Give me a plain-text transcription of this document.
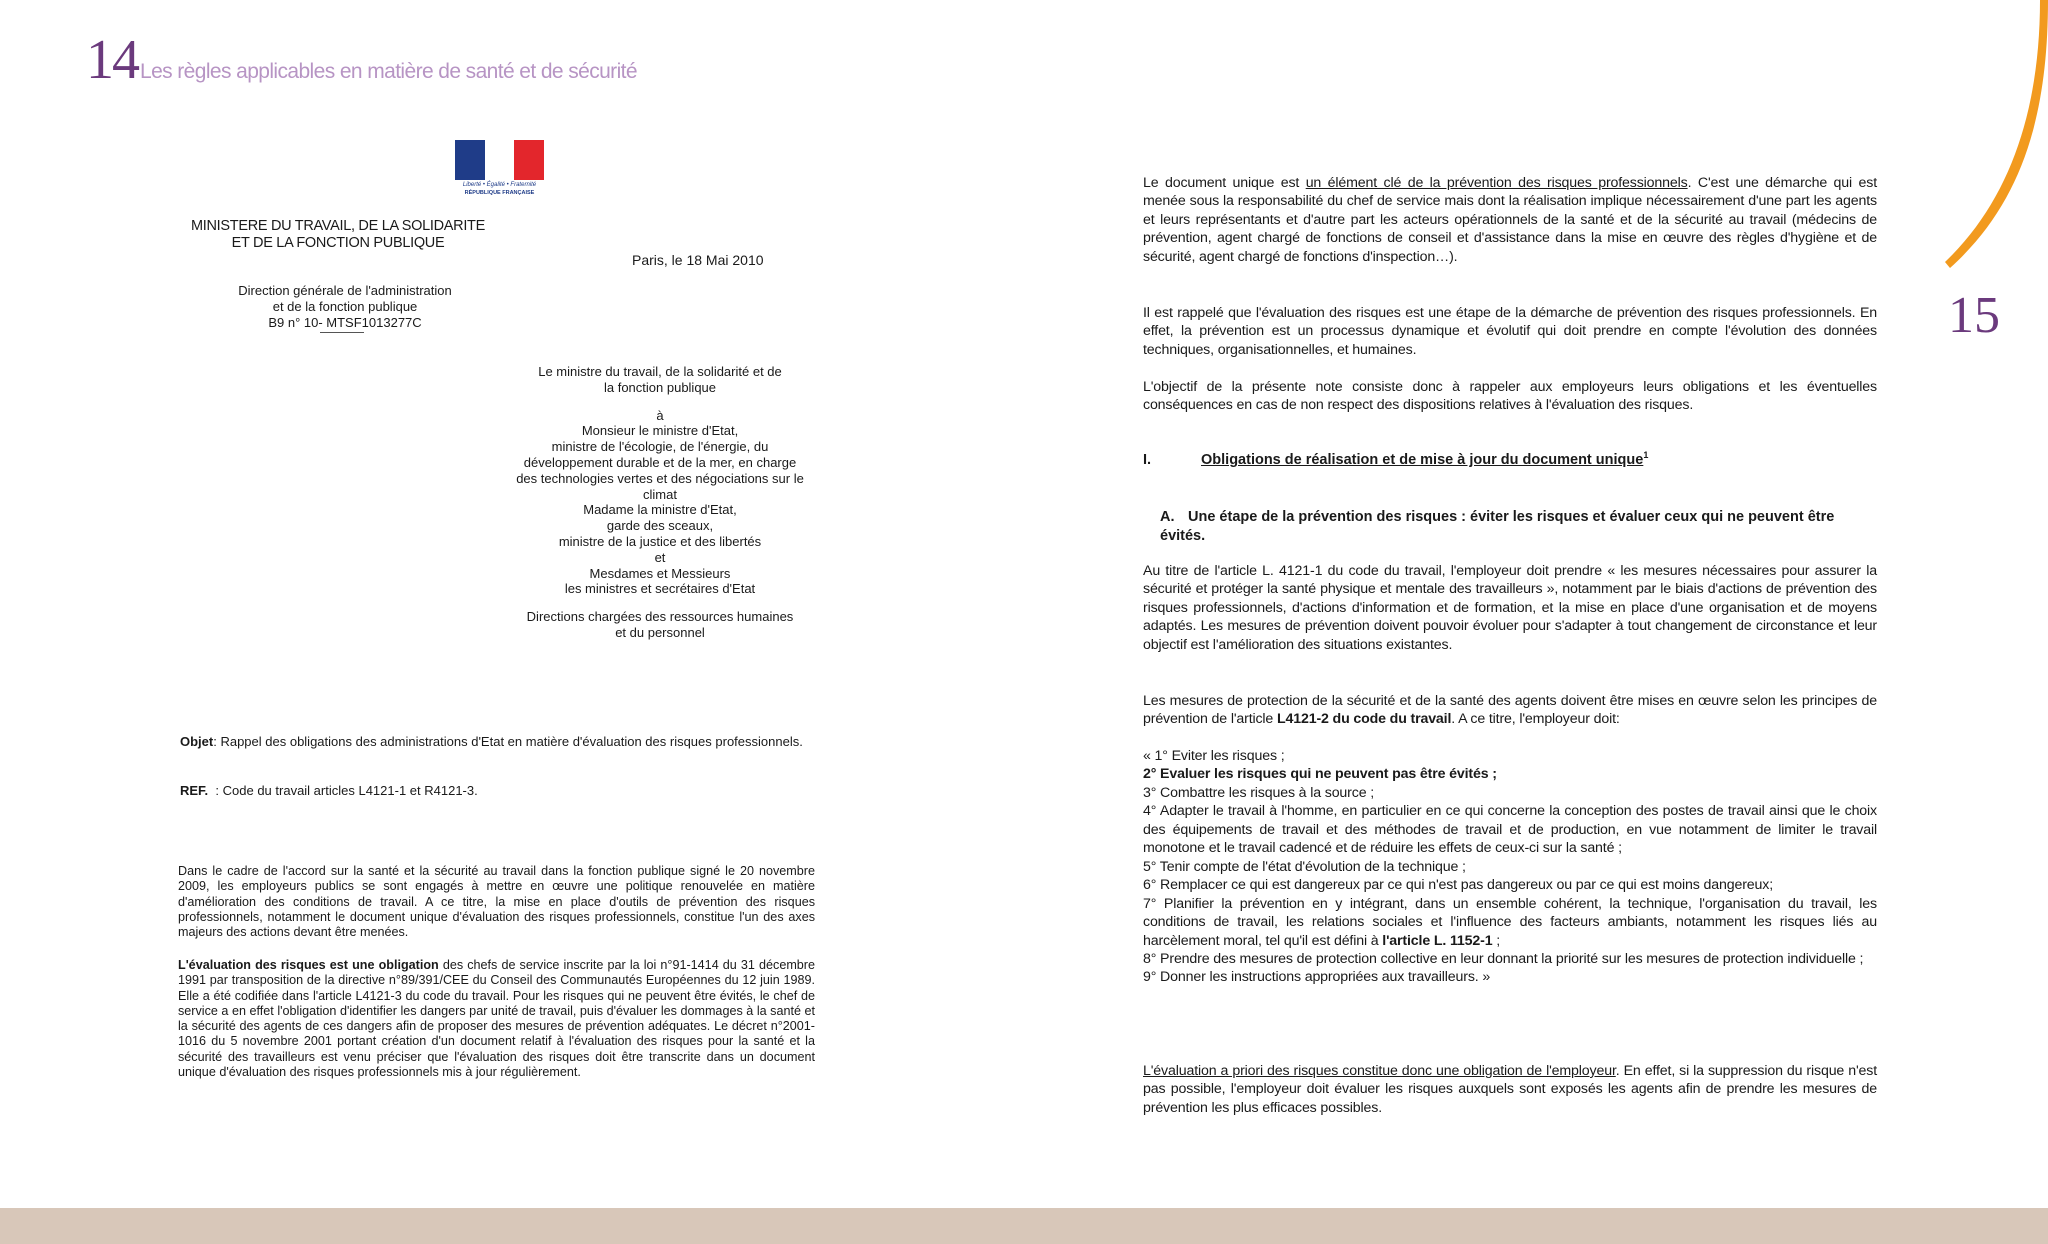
14Les règles applicables en matière de santé et de sécurité
15
Liberté • Égalité • Fraternité
RÉPUBLIQUE FRANÇAISE
MINISTERE DU TRAVAIL, DE LA SOLIDARITE
ET DE LA FONCTION PUBLIQUE
Paris, le 18 Mai 2010
Direction générale de l'administration
et de la fonction publique
B9 n° 10- MTSF1013277C

Le ministre du travail, de la solidarité et de

la fonction publique

à

Monsieur le ministre d'Etat,

ministre de l'écologie, de l'énergie, du

développement durable et de la mer, en charge

des technologies vertes et des négociations sur le

climat

Madame la ministre d'Etat,

garde des sceaux,

ministre de la justice et des libertés

et

Mesdames et Messieurs

les ministres et secrétaires d'Etat

Directions chargées des ressources humaines

et du personnel

Objet: Rappel des obligations des administrations d'Etat en matière d'évaluation des risques professionnels.
REF. : Code du travail articles L4121-1 et R4121-3.

Dans le cadre de l'accord sur la santé et la sécurité au travail dans la fonction publique signé le 20 novembre 2009, les employeurs publics se sont engagés à mettre en œuvre une politique renouvelée en matière d'amélioration des conditions de travail. A ce titre, la mise en place d'outils de prévention des risques professionnels, notamment le document unique d'évaluation des risques professionnels, constitue l'un des axes majeurs des actions devant être menées.

L'évaluation des risques est une obligation des chefs de service inscrite par la loi n°91-1414 du 31 décembre 1991 par transposition de la directive n°89/391/CEE du Conseil des Communautés Européennes du 12 juin 1989. Elle a été codifiée dans l'article L4121-3 du code du travail. Pour les risques qui ne peuvent être évités, le chef de service a en effet l'obligation d'identifier les dangers par unité de travail, puis d'évaluer les dommages à la santé et la sécurité des agents de ces dangers afin de proposer des mesures de prévention adéquates. Le décret n°2001-1016 du 5 novembre 2001 portant création d'un document relatif à l'évaluation des risques pour la santé et la sécurité des travailleurs est venu préciser que l'évaluation des risques doit être transcrite dans un document unique d'évaluation des risques professionnels mis à jour régulièrement.

Le document unique est un élément clé de la prévention des risques professionnels. C'est une démarche qui est menée sous la responsabilité du chef de service mais dont la réalisation implique nécessairement d'une part les agents et leurs représentants et d'autre part les acteurs opérationnels de la santé et de la sécurité au travail (médecins de prévention, agent chargé de fonctions de conseil et d'assistance dans la mise en œuvre des règles d'hygiène et de sécurité, agent chargé de fonctions d'inspection…).

Il est rappelé que l'évaluation des risques est une étape de la démarche de prévention des risques professionnels. En effet, la prévention est un processus dynamique et évolutif qui doit prendre en compte l'évolution des données techniques, organisationnelles, et humaines.

L'objectif de la présente note consiste donc à rappeler aux employeurs leurs obligations et les éventuelles conséquences en cas de non respect des dispositions relatives à l'évaluation des risques.

I.	Obligations de réalisation et de mise à jour du document unique$^1$
A. Une étape de la prévention des risques : éviter les risques et évaluer ceux qui ne peuvent être évités.

Au titre de l'article L. 4121-1 du code du travail, l'employeur doit prendre « les mesures nécessaires pour assurer la sécurité et protéger la santé physique et mentale des travailleurs », notamment par le biais d'actions de prévention des risques professionnels, d'actions d'information et de formation, et la mise en place d'une organisation et de moyens adaptés. Les mesures de prévention doivent pouvoir évoluer pour s'adapter à tout changement de circonstance et leur objectif est l'amélioration des situations existantes.

Les mesures de protection de la sécurité et de la santé des agents doivent être mises en œuvre selon les principes de prévention de l'article L4121-2 du code du travail. A ce titre, l'employeur doit:

« 1° Eviter les risques ;
2° Evaluer les risques qui ne peuvent pas être évités ;
3° Combattre les risques à la source ;
4° Adapter le travail à l'homme, en particulier en ce qui concerne la conception des postes de travail ainsi que le choix des équipements de travail et des méthodes de travail et de production, en vue notamment de limiter le travail monotone et le travail cadencé et de réduire les effets de ceux-ci sur la santé ;
5° Tenir compte de l'état d'évolution de la technique ;
6° Remplacer ce qui est dangereux par ce qui n'est pas dangereux ou par ce qui est moins dangereux;
7° Planifier la prévention en y intégrant, dans un ensemble cohérent, la technique, l'organisation du travail, les conditions de travail, les relations sociales et l'influence des facteurs ambiants, notamment les risques liés au harcèlement moral, tel qu'il est défini à l'article L. 1152-1 ;
8° Prendre des mesures de protection collective en leur donnant la priorité sur les mesures de protection individuelle ;
9° Donner les instructions appropriées aux travailleurs. »

L'évaluation a priori des risques constitue donc une obligation de l'employeur. En effet, si la suppression du risque n'est pas possible, l'employeur doit évaluer les risques auxquels sont exposés les agents afin de prendre les mesures de prévention les plus efficaces possibles.
